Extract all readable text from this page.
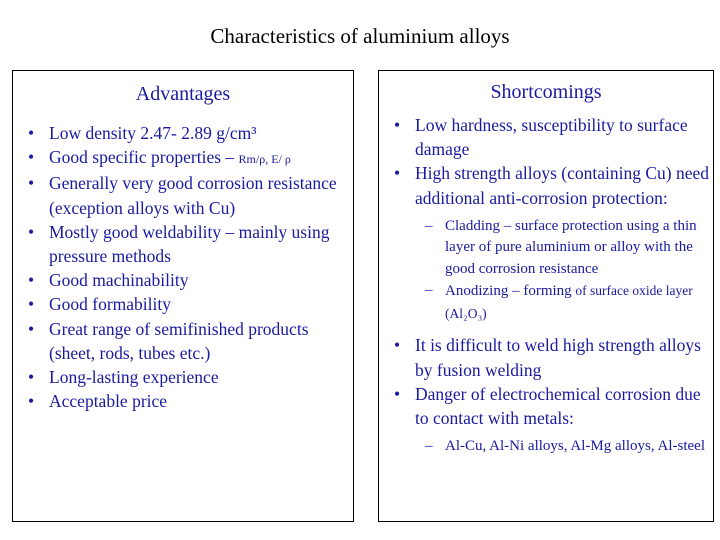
Characteristics of aluminium alloys
Advantages
• Low density 2.47- 2.89 g/cm³
• Good specific properties – Rm/ρ, E/ ρ
• Generally very good corrosion resistance (exception alloys with Cu)
• Mostly good weldability – mainly using pressure methods
• Good machinability
• Good formability
• Great range of semifinished products (sheet, rods, tubes etc.)
• Long-lasting experience
• Acceptable price
Shortcomings
• Low hardness, susceptibility to surface damage
• High strength alloys (containing Cu) need additional anti-corrosion protection:
– Cladding – surface protection using a thin layer of pure aluminium or alloy with the good corrosion resistance
– Anodizing – forming of surface oxide layer (Al₂O₃)
• It is difficult to weld high strength alloys by fusion welding
• Danger of electrochemical corrosion due to contact with metals:
– Al-Cu, Al-Ni alloys, Al-Mg alloys, Al-steel
